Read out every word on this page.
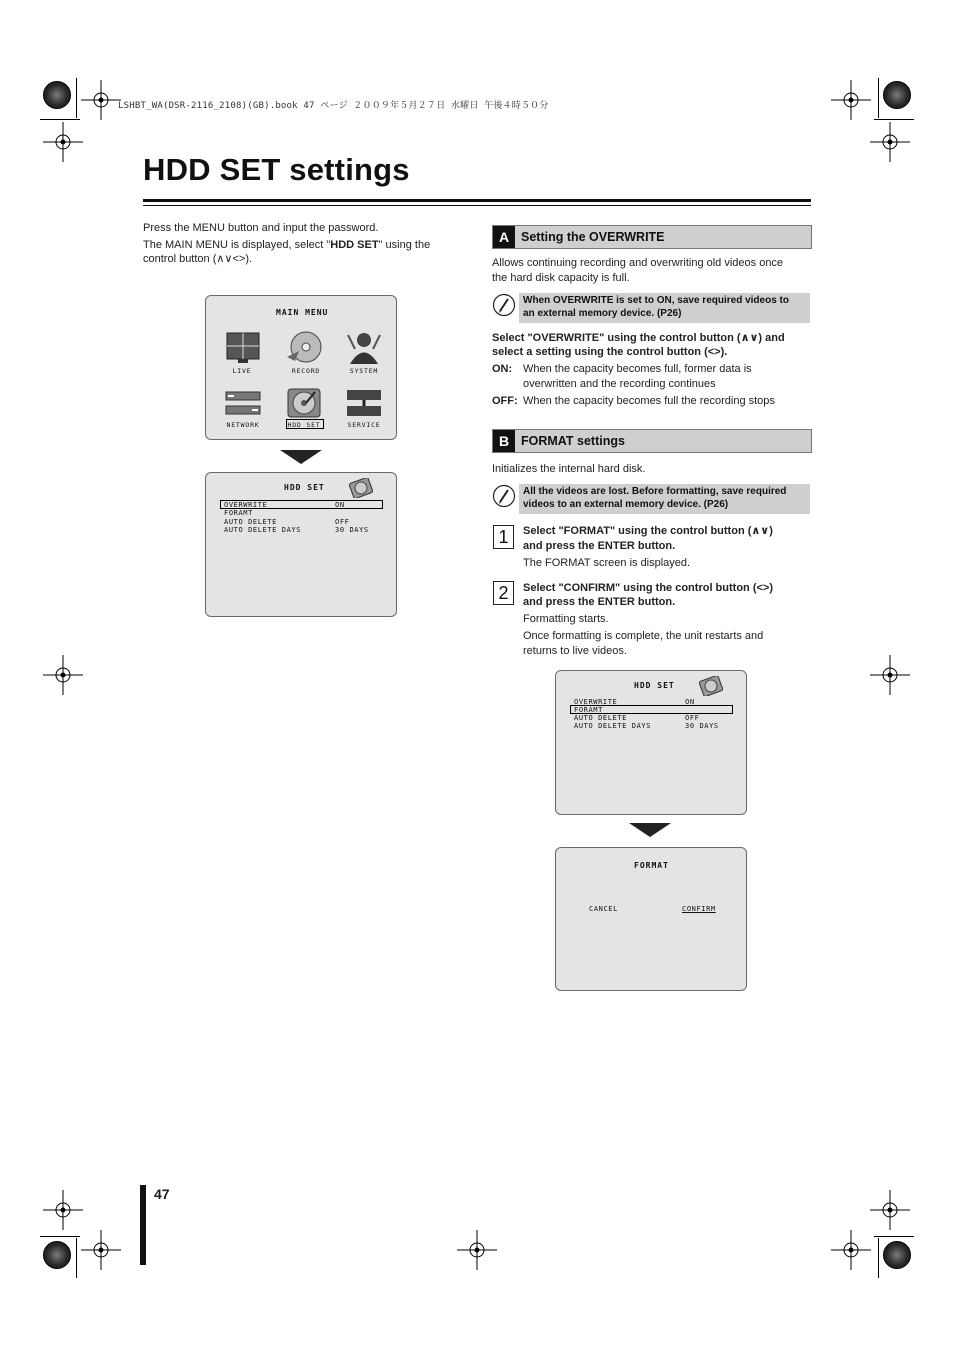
LSHBT_WA(DSR-2116_2108)(GB).book 47 ページ ２００９年５月２７日 水曜日 午後４時５０分
HDD SET settings
Press the MENU button and input the password.
The MAIN MENU is displayed, select "HDD SET" using the
control button (∧∨<>).
MAIN MENU
LIVE	RECORD	SYSTEM
NETWORK	HDD SET	SERVICE
HDD SET
OVERWRITE	ON
FORAMT
AUTO DELETE	OFF
AUTO DELETE DAYS	30 DAYS
A Setting the OVERWRITE
Allows continuing recording and overwriting old videos once
the hard disk capacity is full.
When OVERWRITE is set to ON, save required videos to
an external memory device. (P26)
Select "OVERWRITE" using the control button (∧∨) and
select a setting using the control button (<>).
ON: When the capacity becomes full, former data is
overwritten and the recording continues
OFF: When the capacity becomes full the recording stops
B FORMAT settings
Initializes the internal hard disk.
All the videos are lost. Before formatting, save required
videos to an external memory device. (P26)
1	Select "FORMAT" using the control button (∧∨)
and press the ENTER button.
The FORMAT screen is displayed.
2	Select "CONFIRM" using the control button (<>)
and press the ENTER button.
Formatting starts.
Once formatting is complete, the unit restarts and
returns to live videos.
HDD SET
OVERWRITE	ON
FORAMT
AUTO DELETE	OFF
AUTO DELETE DAYS	30 DAYS
FORMAT
CANCEL	CONFIRM
47
